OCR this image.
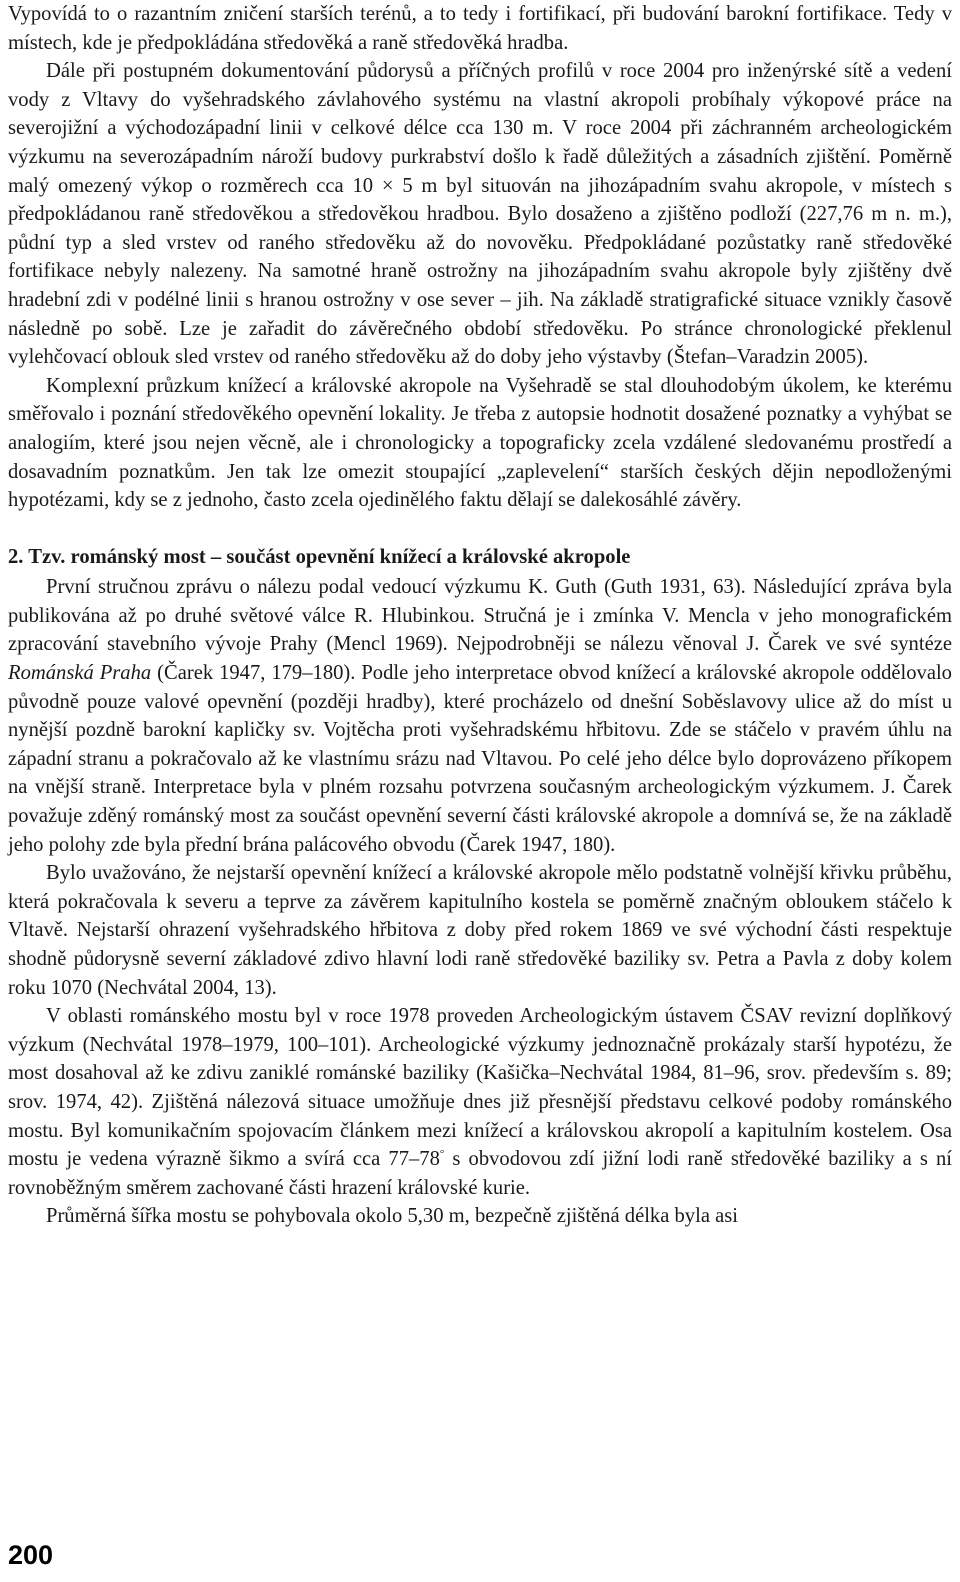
Vypovídá to o razantním zničení starších terénů, a to tedy i fortifikací, při budování barokní fortifikace. Tedy v místech, kde je předpokládána středověká a raně středověká hradba.

Dále při postupném dokumentování půdorysů a příčných profilů v roce 2004 pro inženýrské sítě a vedení vody z Vltavy do vyšehradského závlahového systému na vlastní akropoli probíhaly výkopové práce na severojižní a východozápadní linii v celkové délce cca 130 m. V roce 2004 při záchranném archeologickém výzkumu na severozápadním nároží budovy purkrabství došlo k řadě důležitých a zásadních zjištění. Poměrně malý omezený výkop o rozměrech cca 10 × 5 m byl situován na jihozápadním svahu akropole, v místech s předpokládanou raně středověkou a středověkou hradbou. Bylo dosaženo a zjištěno podloží (227,76 m n. m.), půdní typ a sled vrstev od raného středověku až do novověku. Předpokládané pozůstatky raně středověké fortifikace nebyly nalezeny. Na samotné hraně ostrožny na jihozápadním svahu akropole byly zjištěny dvě hradební zdi v podélné linii s hranou ostrožny v ose sever – jih. Na základě stratigrafické situace vznikly časově následně po sobě. Lze je zařadit do závěrečného období středověku. Po stránce chronologické překlenul vylehčovací oblouk sled vrstev od raného středověku až do doby jeho výstavby (Štefan–Varadzin 2005).

Komplexní průzkum knížecí a královské akropole na Vyšehradě se stal dlouhodobým úkolem, ke kterému směřovalo i poznání středověkého opevnění lokality. Je třeba z autopsie hodnotit dosažené poznatky a vyhýbat se analogiím, které jsou nejen věcně, ale i chronologicky a topograficky zcela vzdálené sledovanému prostředí a dosavadním poznatkům. Jen tak lze omezit stoupající „zaplevelení“ starších českých dějin nepodloženými hypotézami, kdy se z jednoho, často zcela ojedinělého faktu dělají se dalekosáhlé závěry.

2. Tzv. románský most – součást opevnění knížecí a královské akropole

První stručnou zprávu o nálezu podal vedoucí výzkumu K. Guth (Guth 1931, 63). Následující zpráva byla publikována až po druhé světové válce R. Hlubinkou. Stručná je i zmínka V. Mencla v jeho monografickém zpracování stavebního vývoje Prahy (Mencl 1969). Nejpodrobněji se nálezu věnoval J. Čarek ve své syntéze Románská Praha (Čarek 1947, 179–180). Podle jeho interpretace obvod knížecí a královské akropole oddělovalo původně pouze valové opevnění (později hradby), které procházelo od dnešní Soběslavovy ulice až do míst u nynější pozdně barokní kapličky sv. Vojtěcha proti vyšehradskému hřbitovu. Zde se stáčelo v pravém úhlu na západní stranu a pokračovalo až ke vlastnímu srázu nad Vltavou. Po celé jeho délce bylo doprovázeno příkopem na vnější straně. Interpretace byla v plném rozsahu potvrzena současným archeologickým výzkumem. J. Čarek považuje zděný románský most za součást opevnění severní části královské akropole a domnívá se, že na základě jeho polohy zde byla přední brána palácového obvodu (Čarek 1947, 180).

Bylo uvažováno, že nejstarší opevnění knížecí a královské akropole mělo podstatně volnější křivku průběhu, která pokračovala k severu a teprve za závěrem kapitulního kostela se poměrně značným obloukem stáčelo k Vltavě. Nejstarší ohrazení vyšehradského hřbitova z doby před rokem 1869 ve své východní části respektuje shodně půdorysně severní základové zdivo hlavní lodi raně středověké baziliky sv. Petra a Pavla z doby kolem roku 1070 (Nechvátal 2004, 13).

V oblasti románského mostu byl v roce 1978 proveden Archeologickým ústavem ČSAV revizní doplňkový výzkum (Nechvátal 1978–1979, 100–101). Archeologické výzkumy jednoznačně prokázaly starší hypotézu, že most dosahoval až ke zdivu zaniklé románské baziliky (Kašička–Nechvátal 1984, 81–96, srov. především s. 89; srov. 1974, 42). Zjištěná nálezová situace umožňuje dnes již přesnější představu celkové podoby románského mostu. Byl komunikačním spojovacím článkem mezi knížecí a královskou akropolí a kapitulním kostelem. Osa mostu je vedena výrazně šikmo a svírá cca 77–78° s obvodovou zdí jižní lodi raně středověké baziliky a s ní rovnoběžným směrem zachované části hrazení královské kurie.

Průměrná šířka mostu se pohybovala okolo 5,30 m, bezpečně zjištěná délka byla asi

200
